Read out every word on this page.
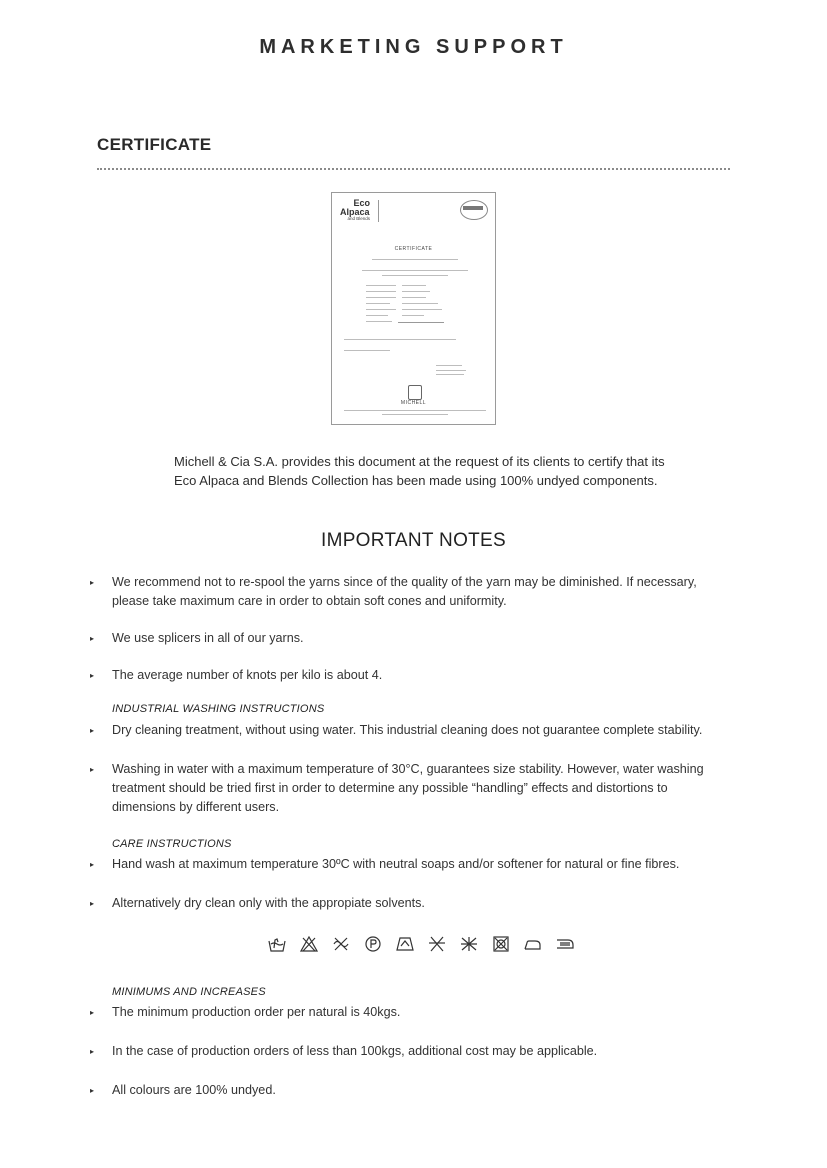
MARKETING SUPPORT
CERTIFICATE
Eco
Alpaca
and Blends
CERTIFICATE
MICHELL
Michell & Cia S.A. provides this document at the request of its clients to certify that its
Eco Alpaca and Blends Collection has been made using 100% undyed components.
IMPORTANT NOTES
▸ We recommend not to re-spool the yarns since of the quality of the yarn may be diminished. If necessary,
please take maximum care in order to obtain soft cones and uniformity.
▸ We use splicers in all of our yarns.
▸ The average number of knots per kilo is about 4.
INDUSTRIAL WASHING INSTRUCTIONS
▸ Dry cleaning treatment, without using water. This industrial cleaning does not guarantee complete stability.
▸ Washing in water with a maximum temperature of 30°C, guarantees size stability. However, water washing
treatment should be tried first in order to determine any possible “handling” effects and distortions to
dimensions by different users.
CARE INSTRUCTIONS
▸ Hand wash at maximum temperature 30ºC with neutral soaps and/or softener for natural or fine fibres.
▸ Alternatively dry clean only with the appropiate solvents.
MINIMUMS AND INCREASES
▸ The minimum production order per natural is 40kgs.
▸ In the case of production orders of less than 100kgs, additional cost may be applicable.
▸ All colours are 100% undyed.
